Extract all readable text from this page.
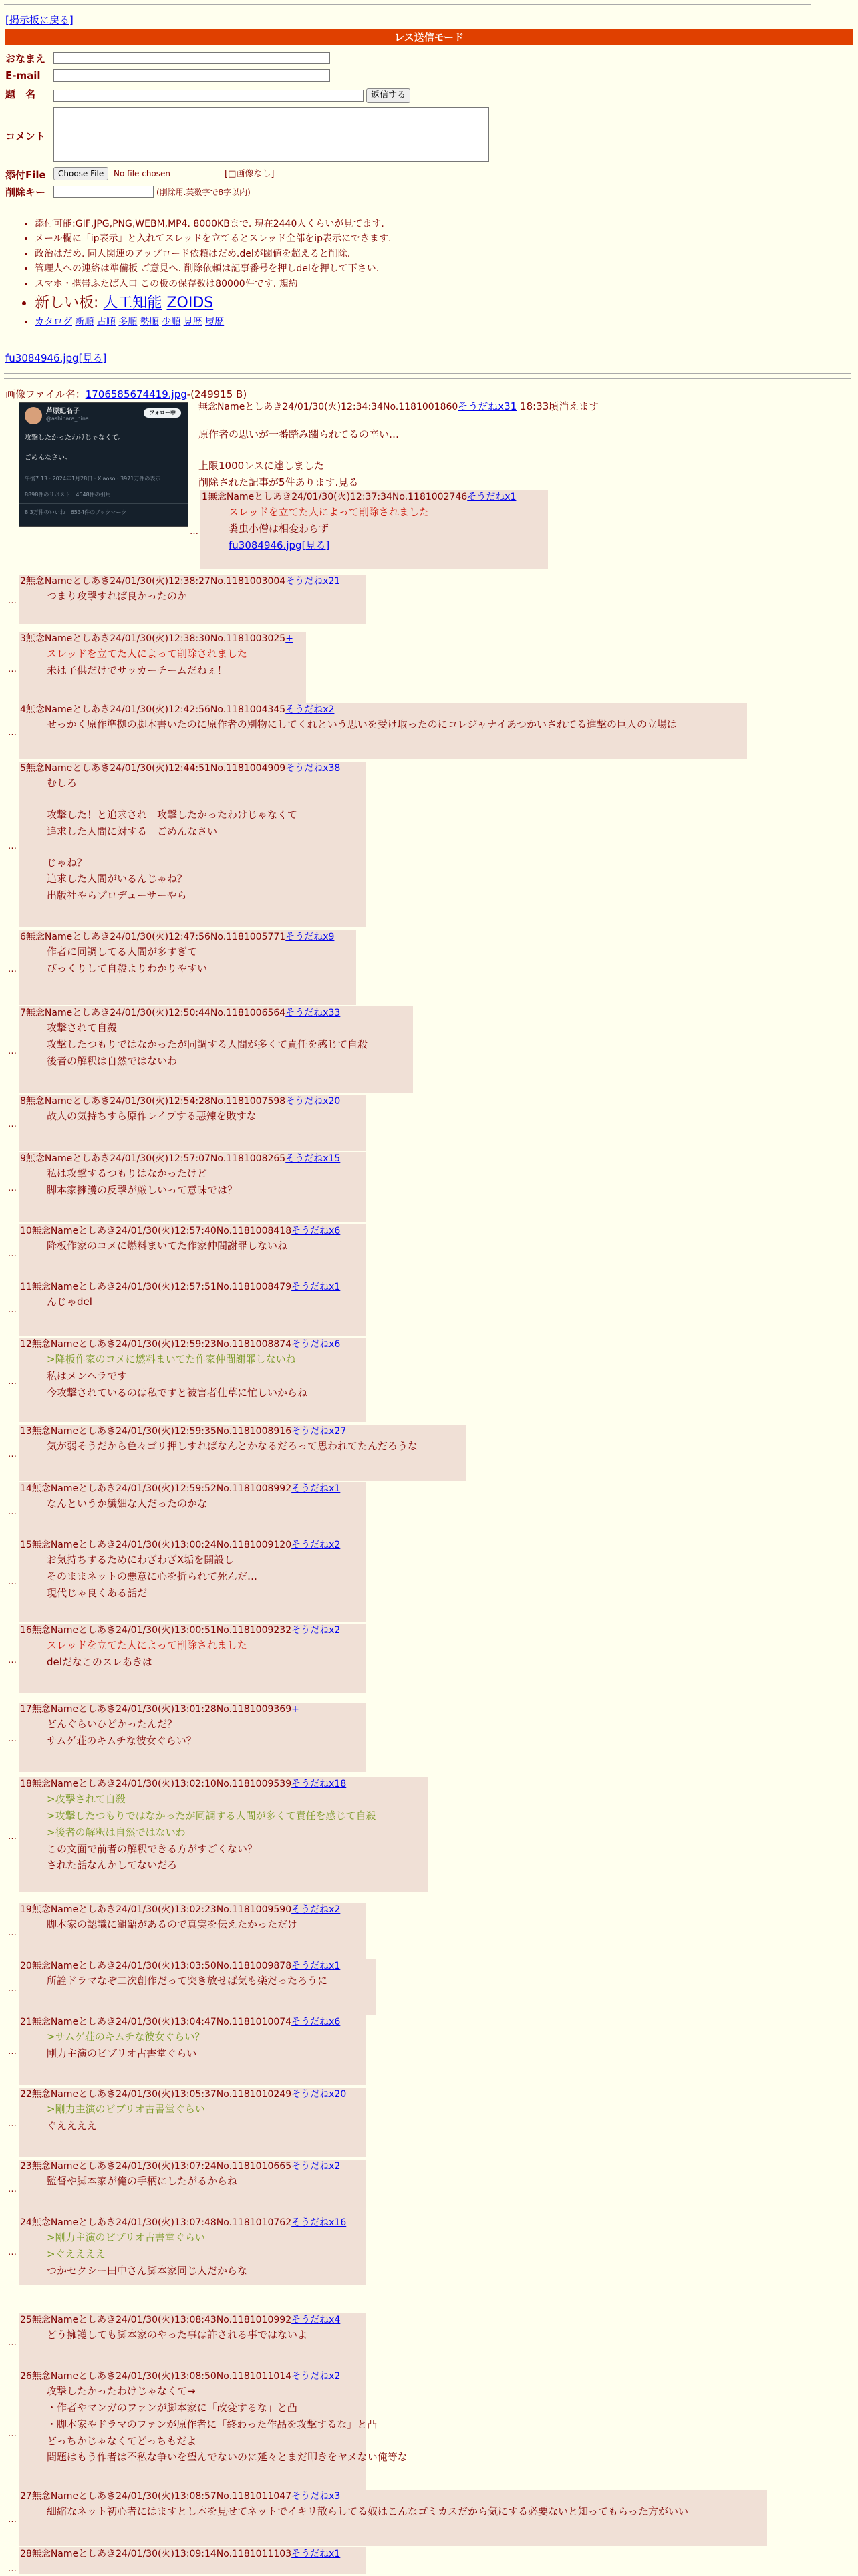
[掲示板に戻る]
レス送信モード
おなまえ
E-mail
題　名	返信する
コメント
添付File	Choose File	No file chosen	[□画像なし]
削除キー	(削除用.英数字で8字以内)
• 添付可能:GIF,JPG,PNG,WEBM,MP4. 8000KBまで. 現在2440人くらいが見てます.
• メール欄に「ip表示」と入れてスレッドを立てるとスレッド全部をip表示にできます.
• 政治はだめ. 同人関連のアップロード依頼はだめ.delが閾値を超えると削除.
• 管理人への連絡は準備板 ご意見へ. 削除依頼は記事番号を押しdelを押して下さい.
• スマホ・携帯ふたば入口 この板の保存数は80000件です. 規約
• 新しい板: 人工知能 ZOIDS
• カタログ 新順 古順 多順 勢順 少順 見歴 履歴
fu3084946.jpg[見る]
画像ファイル名：1706585674419.jpg-(249915 B)
芦原妃名子
@ashihara_hina
フォロー中
攻撃したかったわけじゃなくて。
ごめんなさい。
午後7:13 · 2024年1月28日 · Xiaoso · 3971万件の表示
8898件のリポスト　4548件の引用
8.3万件のいいね　6534件のブックマーク
無念Nameとしあき24/01/30(火)12:34:34No.1181001860そうだねx31 18:33頃消えます
原作者の思いが一番踏み躙られてるの辛い…
上限1000レスに達しました
削除された記事が5件あります.見る
1無念Nameとしあき24/01/30(火)12:37:34No.1181002746そうだねx1
スレッドを立てた人によって削除されました
糞虫小僧は相変わらず
fu3084946.jpg[見る]
…
2無念Nameとしあき24/01/30(火)12:38:27No.1181003004そうだねx21
つまり攻撃すれば良かったのか
…
3無念Nameとしあき24/01/30(火)12:38:30No.1181003025+
スレッドを立てた人によって削除されました
未は子供だけでサッカーチームだねぇ！
…
4無念Nameとしあき24/01/30(火)12:42:56No.1181004345そうだねx2
せっかく原作準拠の脚本書いたのに原作者の別物にしてくれという思いを受け取ったのにコレジャナイあつかいされてる進撃の巨人の立場は
…
5無念Nameとしあき24/01/30(火)12:44:51No.1181004909そうだねx38
むしろ
攻撃した！と追求され　攻撃したかったわけじゃなくて
追求した人間に対する　ごめんなさい
じゃね？
追求した人間がいるんじゃね？
出版社やらプロデューサーやら
…
6無念Nameとしあき24/01/30(火)12:47:56No.1181005771そうだねx9
作者に同調してる人間が多すぎて
びっくりして自殺よりわかりやすい
…
7無念Nameとしあき24/01/30(火)12:50:44No.1181006564そうだねx33
攻撃されて自殺
攻撃したつもりではなかったが同調する人間が多くて責任を感じて自殺
後者の解釈は自然ではないわ
…
8無念Nameとしあき24/01/30(火)12:54:28No.1181007598そうだねx20
故人の気持ちすら原作レイプする悪辣を敗すな
…
9無念Nameとしあき24/01/30(火)12:57:07No.1181008265そうだねx15
私は攻撃するつもりはなかったけど
脚本家擁護の反撃が厳しいって意味では？
…
10無念Nameとしあき24/01/30(火)12:57:40No.1181008418そうだねx6
降板作家のコメに燃料まいてた作家仲間謝罪しないね
…
11無念Nameとしあき24/01/30(火)12:57:51No.1181008479そうだねx1
んじゃdel
…
12無念Nameとしあき24/01/30(火)12:59:23No.1181008874そうだねx6
>降板作家のコメに燃料まいてた作家仲間謝罪しないね
私はメンヘラです
今攻撃されているのは私ですと被害者仕草に忙しいからね
…
13無念Nameとしあき24/01/30(火)12:59:35No.1181008916そうだねx27
気が弱そうだから色々ゴリ押しすればなんとかなるだろって思われてたんだろうな
…
14無念Nameとしあき24/01/30(火)12:59:52No.1181008992そうだねx1
なんというか繊細な人だったのかな
…
15無念Nameとしあき24/01/30(火)13:00:24No.1181009120そうだねx2
お気持ちするためにわざわざX垢を開設し
そのままネットの悪意に心を折られて死んだ…
現代じゃ良くある話だ
…
16無念Nameとしあき24/01/30(火)13:00:51No.1181009232そうだねx2
スレッドを立てた人によって削除されました
delだなこのスレあきは
…
17無念Nameとしあき24/01/30(火)13:01:28No.1181009369+
どんぐらいひどかったんだ？
サムゲ荘のキムチな彼女ぐらい？
…
18無念Nameとしあき24/01/30(火)13:02:10No.1181009539そうだねx18
>攻撃されて自殺
>攻撃したつもりではなかったが同調する人間が多くて責任を感じて自殺
>後者の解釈は自然ではないわ
この文面で前者の解釈できる方がすごくない？
された話なんかしてないだろ
…
19無念Nameとしあき24/01/30(火)13:02:23No.1181009590そうだねx2
脚本家の認識に齟齬があるので真実を伝えたかっただけ
…
20無念Nameとしあき24/01/30(火)13:03:50No.1181009878そうだねx1
所詮ドラマなぞ二次創作だって突き放せば気も楽だったろうに
…
21無念Nameとしあき24/01/30(火)13:04:47No.1181010074そうだねx6
>サムゲ荘のキムチな彼女ぐらい？
剛力主演のビブリオ古書堂ぐらい
…
22無念Nameとしあき24/01/30(火)13:05:37No.1181010249そうだねx20
>剛力主演のビブリオ古書堂ぐらい
ぐええええ
…
23無念Nameとしあき24/01/30(火)13:07:24No.1181010665そうだねx2
監督や脚本家が俺の手柄にしたがるからね
…
24無念Nameとしあき24/01/30(火)13:07:48No.1181010762そうだねx16
>剛力主演のビブリオ古書堂ぐらい
>ぐええええ
つかセクシー田中さん脚本家同じ人だからな
…
25無念Nameとしあき24/01/30(火)13:08:43No.1181010992そうだねx4
どう擁護しても脚本家のやった事は許される事ではないよ
…
26無念Nameとしあき24/01/30(火)13:08:50No.1181011014そうだねx2
攻撃したかったわけじゃなくて→
・作者やマンガのファンが脚本家に「改変するな」と凸
・脚本家やドラマのファンが原作者に「終わった作品を攻撃するな」と凸
どっちかじゃなくてどっちもだよ
問題はもう作者は不私な争いを望んでないのに延々とまだ叩きをヤメない俺等な
…
27無念Nameとしあき24/01/30(火)13:08:57No.1181011047そうだねx3
細縮なネット初心者にはますとし本を見せてネットでイキリ散らしてる奴はこんなゴミカスだから気にする必要ないと知ってもらった方がいい
…
28無念Nameとしあき24/01/30(火)13:09:14No.1181011103そうだねx1
…
